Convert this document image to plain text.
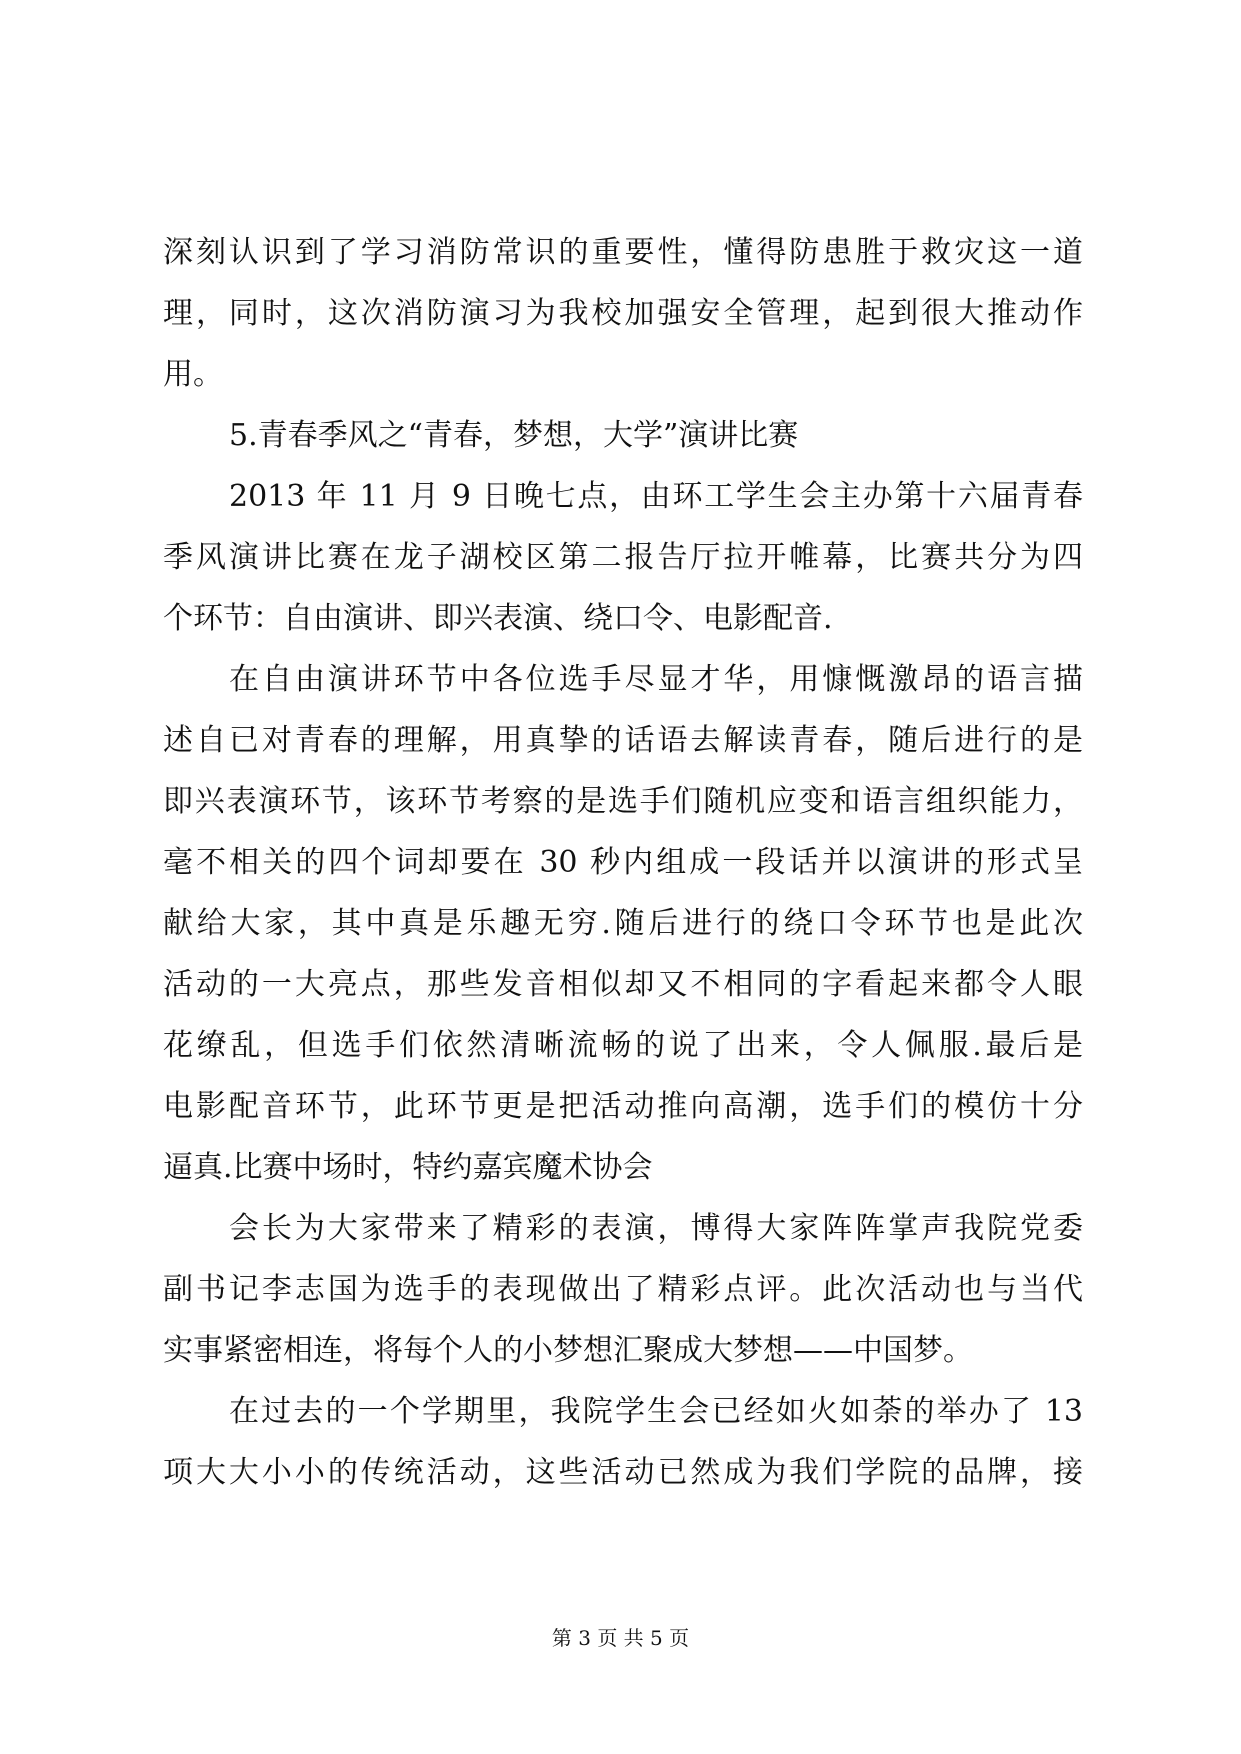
深刻认识到了学习消防常识的重要性，懂得防患胜于救灾这一道
理，同时，这次消防演习为我校加强安全管理，起到很大推动作
用。
5.青春季风之“青春，梦想，大学”演讲比赛
2013 年 11 月 9 日晚七点，由环工学生会主办第十六届青春
季风演讲比赛在龙子湖校区第二报告厅拉开帷幕，比赛共分为四
个环节：自由演讲、即兴表演、绕口令、电影配音.
在自由演讲环节中各位选手尽显才华，用慷慨激昂的语言描
述自已对青春的理解，用真挚的话语去解读青春，随后进行的是
即兴表演环节，该环节考察的是选手们随机应变和语言组织能力，
毫不相关的四个词却要在 30 秒内组成一段话并以演讲的形式呈
献给大家，其中真是乐趣无穷.随后进行的绕口令环节也是此次
活动的一大亮点，那些发音相似却又不相同的字看起来都令人眼
花缭乱，但选手们依然清晰流畅的说了出来，令人佩服.最后是
电影配音环节，此环节更是把活动推向高潮，选手们的模仿十分
逼真.比赛中场时，特约嘉宾魔术协会
会长为大家带来了精彩的表演，博得大家阵阵掌声我院党委
副书记李志国为选手的表现做出了精彩点评。此次活动也与当代
实事紧密相连，将每个人的小梦想汇聚成大梦想——中国梦。
在过去的一个学期里，我院学生会已经如火如荼的举办了 13
项大大小小的传统活动，这些活动已然成为我们学院的品牌，接
第 3 页 共 5 页
